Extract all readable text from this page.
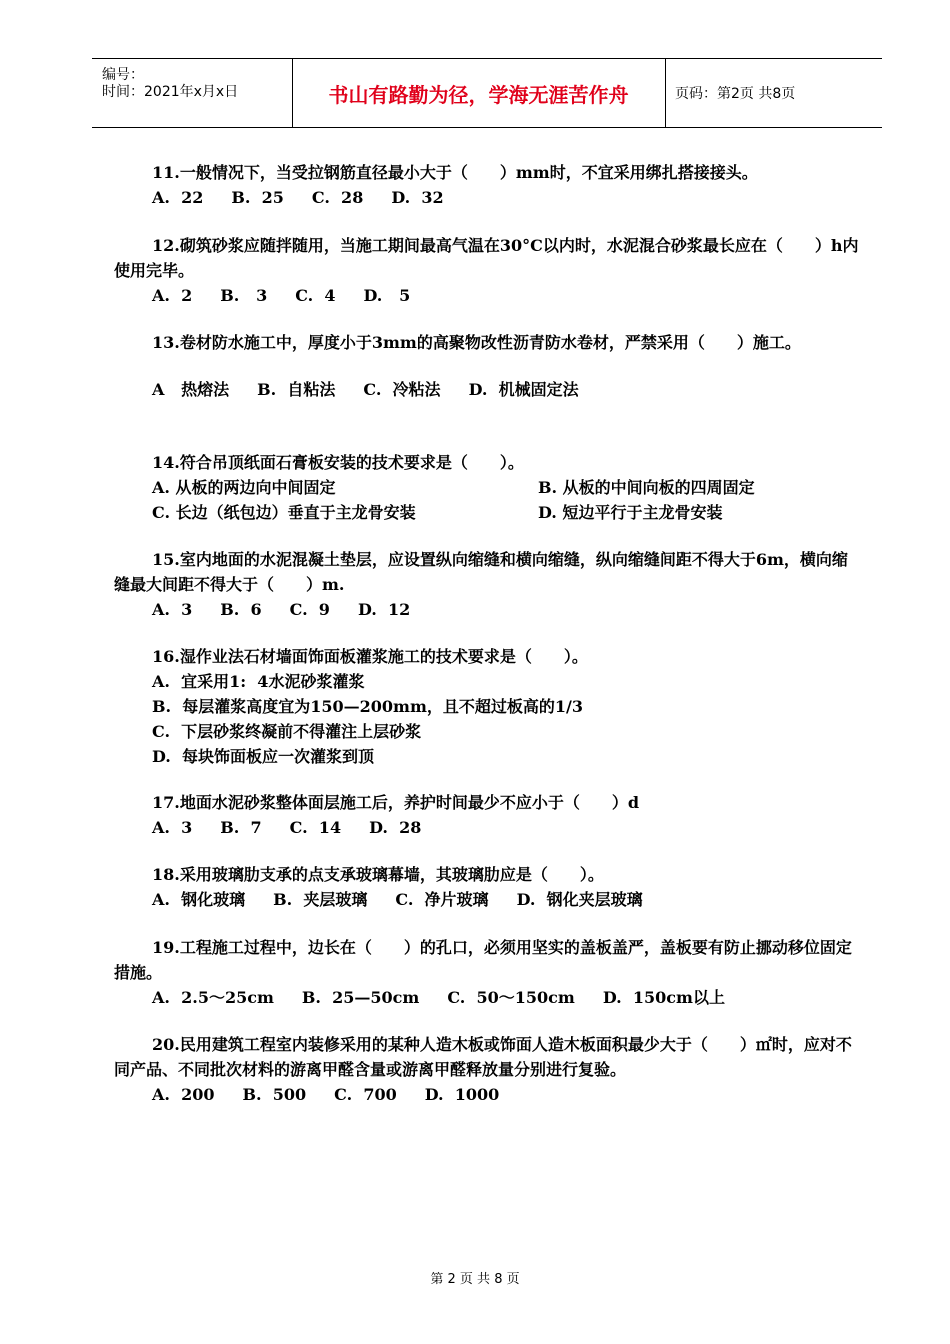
编号：
时间：2021年x月x日	书山有路勤为径，学海无涯苦作舟	页码：第2页 共8页
11.一般情况下，当受拉钢筋直径最小大于（　　）mm时，不宜采用绑扎搭接接头。
A.  22 B.  25 C.  28 D.  32
12.砌筑砂浆应随拌随用，当施工期间最高气温在30°C以内时，水泥混合砂浆最长应在（　　）h内使用完毕。
A.  2 B.   3 C.  4 D.   5
13.卷材防水施工中，厚度小于3mm的高聚物改性沥青防水卷材，严禁采用（　　）施工。
A   热熔法 B.  自粘法 C.  冷粘法 D.  机械固定法
14.符合吊顶纸面石膏板安装的技术要求是（　　）。
A. 从板的两边向中间固定	B. 从板的中间向板的四周固定
C. 长边（纸包边）垂直于主龙骨安装	D. 短边平行于主龙骨安装
15.室内地面的水泥混凝土垫层，应设置纵向缩缝和横向缩缝，纵向缩缝间距不得大于6m，横向缩缝最大间距不得大于（　　）m.
A.  3 B.  6 C.  9 D.  12
16.湿作业法石材墙面饰面板灌浆施工的技术要求是（　　）。
A.  宜采用1:  4水泥砂浆灌浆
B.  每层灌浆高度宜为150—200mm，且不超过板高的1/3
C.  下层砂浆终凝前不得灌注上层砂浆
D.  每块饰面板应一次灌浆到顶
17.地面水泥砂浆整体面层施工后，养护时间最少不应小于（　　）d
A.  3 B.  7 C.  14 D.  28
18.采用玻璃肋支承的点支承玻璃幕墙，其玻璃肋应是（　　）。
A.  钢化玻璃 B.  夹层玻璃 C.  净片玻璃 D.  钢化夹层玻璃
19.工程施工过程中，边长在（　　）的孔口，必须用坚实的盖板盖严，盖板要有防止挪动移位固定措施。
A.  2.5～25cm B.  25—50cm C.  50～150cm D.  150cm以上
20.民用建筑工程室内装修采用的某种人造木板或饰面人造木板面积最少大于（　　）㎡时，应对不同产品、不同批次材料的游离甲醛含量或游离甲醛释放量分别进行复验。
A.  200 B.  500 C.  700 D.  1000
第 2 页 共 8 页
